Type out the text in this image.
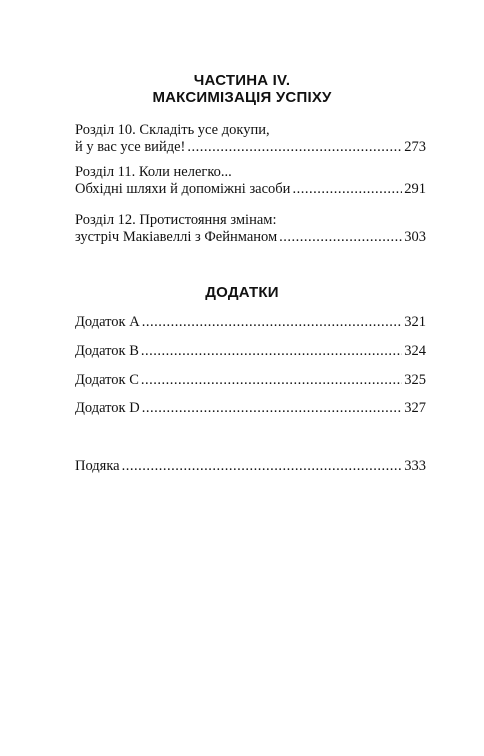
ЧАСТИНА IV.
МАКСИМІЗАЦІЯ УСПІХУ
Розділ 10. Складіть усе докупи,
й у вас усе вийде! .....	273
Розділ 11. Коли нелегко...
Обхідні шляхи й допоміжні засоби .....	291
Розділ 12. Протистояння змінам:
зустріч Макіавеллі з Фейнманом .....	303
ДОДАТКИ
Додаток A .....	321
Додаток B .....	324
Додаток C .....	325
Додаток D .....	327
Подяка .....	333
